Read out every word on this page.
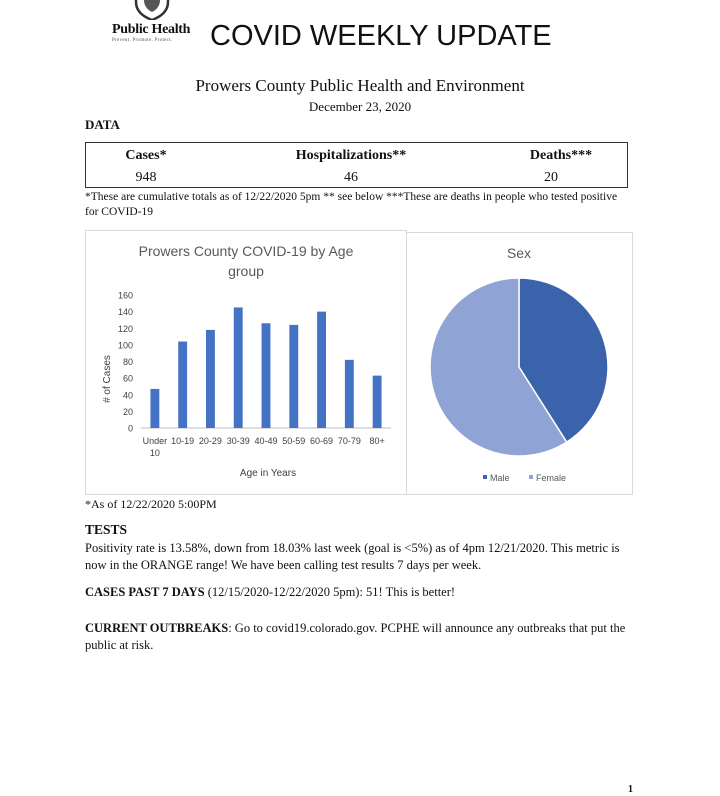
Public Health
Prevent. Promote. Protect. COVID WEEKLY UPDATE
Prowers County Public Health and Environment
December 23, 2020
DATA
Cases*
948
Hospitalizations**
46
Deaths***
20
*These are cumulative totals as of 12/22/2020 5pm ** see below ***These are deaths in people who tested positive for COVID-19
Prowers County COVID-19 by Age
group
# of Cases
Age in Years
0
20
40
60
80
100
120
140
160
Under
10
10-19 20-29 30-39 40-49 50-59 60-69 70-79 80+
Sex
Male	Female
*As of 12/22/2020 5:00PM
TESTS
Positivity rate is 13.58%, down from 18.03% last week (goal is <5%) as of 4pm 12/21/2020. This metric is now in the ORANGE range! We have been calling test results 7 days per week.
CASES PAST 7 DAYS (12/15/2020-12/22/2020 5pm): 51! This is better!
CURRENT OUTBREAKS: Go to covid19.colorado.gov. PCPHE will announce any outbreaks that put the public at risk.
1
